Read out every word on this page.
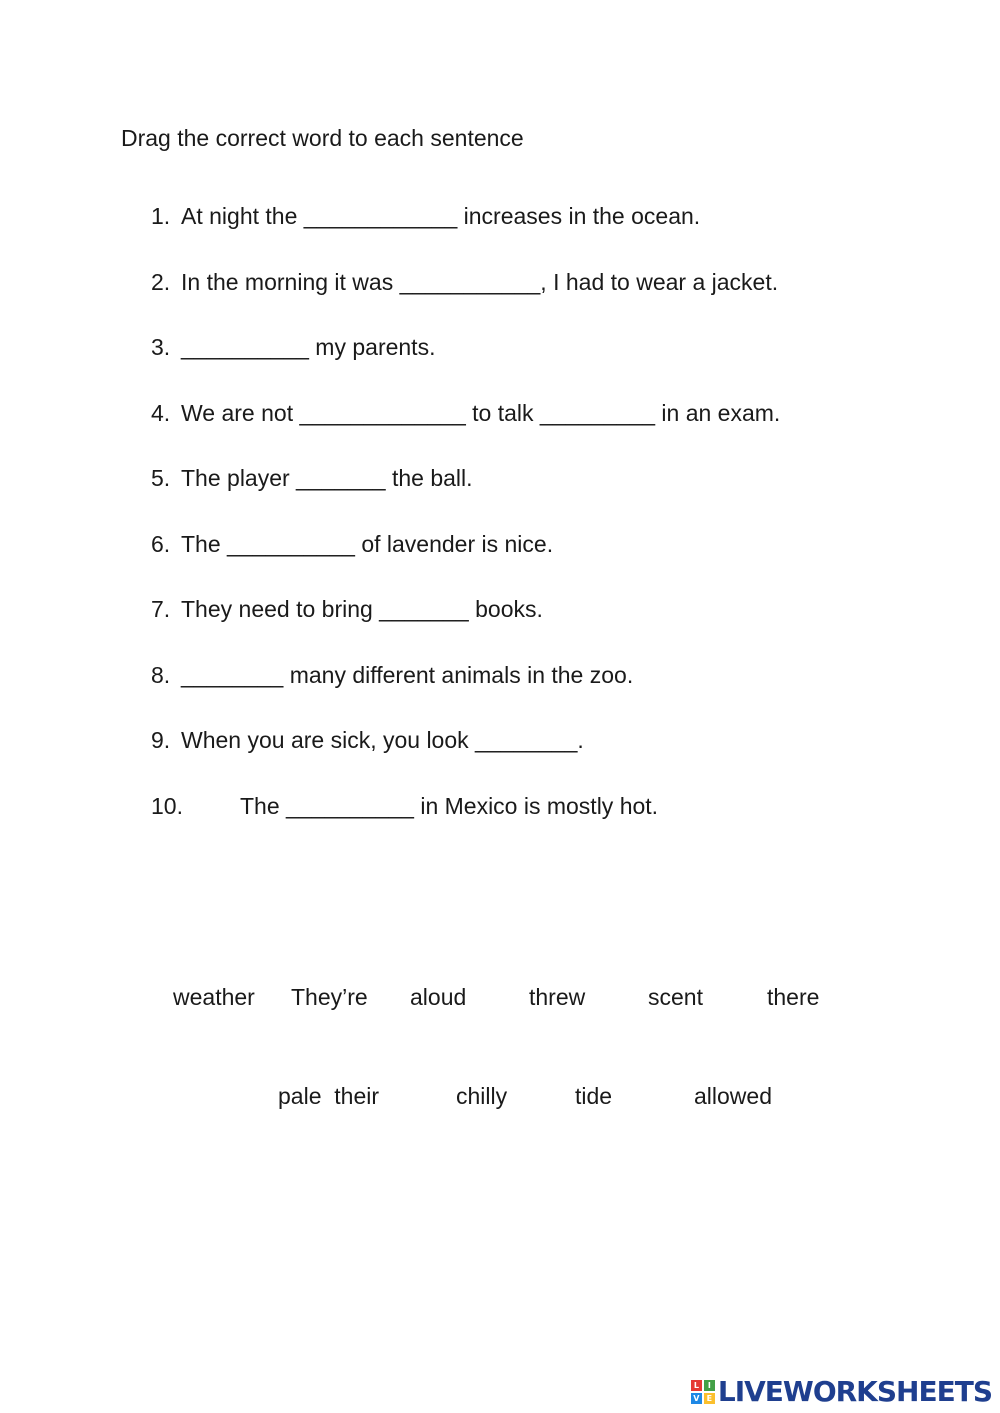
Drag the correct word to each sentence
1. At night the ____________ increases in the ocean.
2. In the morning it was ___________, I had to wear a jacket.
3. __________ my parents.
4. We are not _____________ to talk _________ in an exam.
5. The player _______ the ball.
6. The __________ of lavender is nice.
7. They need to bring _______ books.
8. ________ many different animals in the zoo.
9. When you are sick, you look ________.
10. The __________ in Mexico is mostly hot.
weather They’re aloud	threw	scent	there
pale  their	chilly	tide	allowed
L	I
V E LIVEWORKSHEETS
